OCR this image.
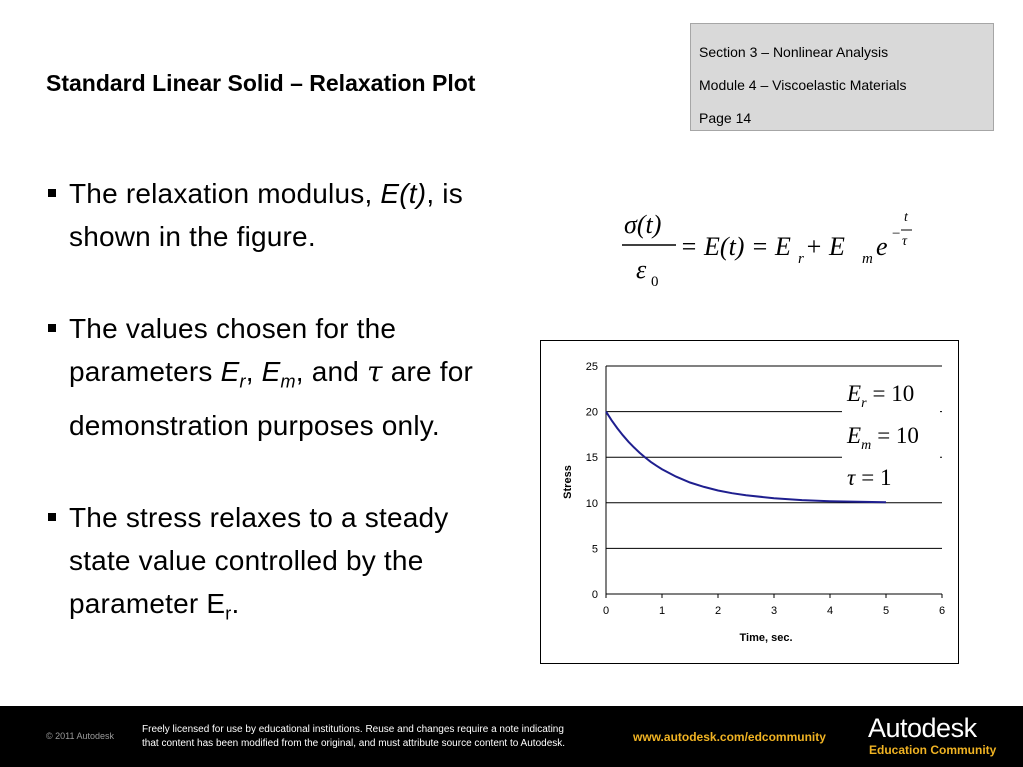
Standard Linear Solid – Relaxation Plot
Section 3 – Nonlinear Analysis
Module 4 – Viscoelastic Materials
Page 14
The relaxation modulus, E(t), is shown in the figure.
The values chosen for the parameters $E_r$, $E_m$, and τ are for demonstration purposes only.
The stress relaxes to a steady state value controlled by the parameter $E_r$.
σ(t)
ε 0
= E(t) = E r + E m e −
t
τ
0
5
10
15
20
25
0	1	2	3	4	5	6
Time, sec.
Stress
$E_r = 10$
$E_m = 10$
τ = 1
© 2011 Autodesk
Freely licensed for use by educational institutions. Reuse and changes require a note indicating
that content has been modified from the original, and must attribute source content to Autodesk.	www.autodesk.com/edcommunity Autodesk
Education Community
